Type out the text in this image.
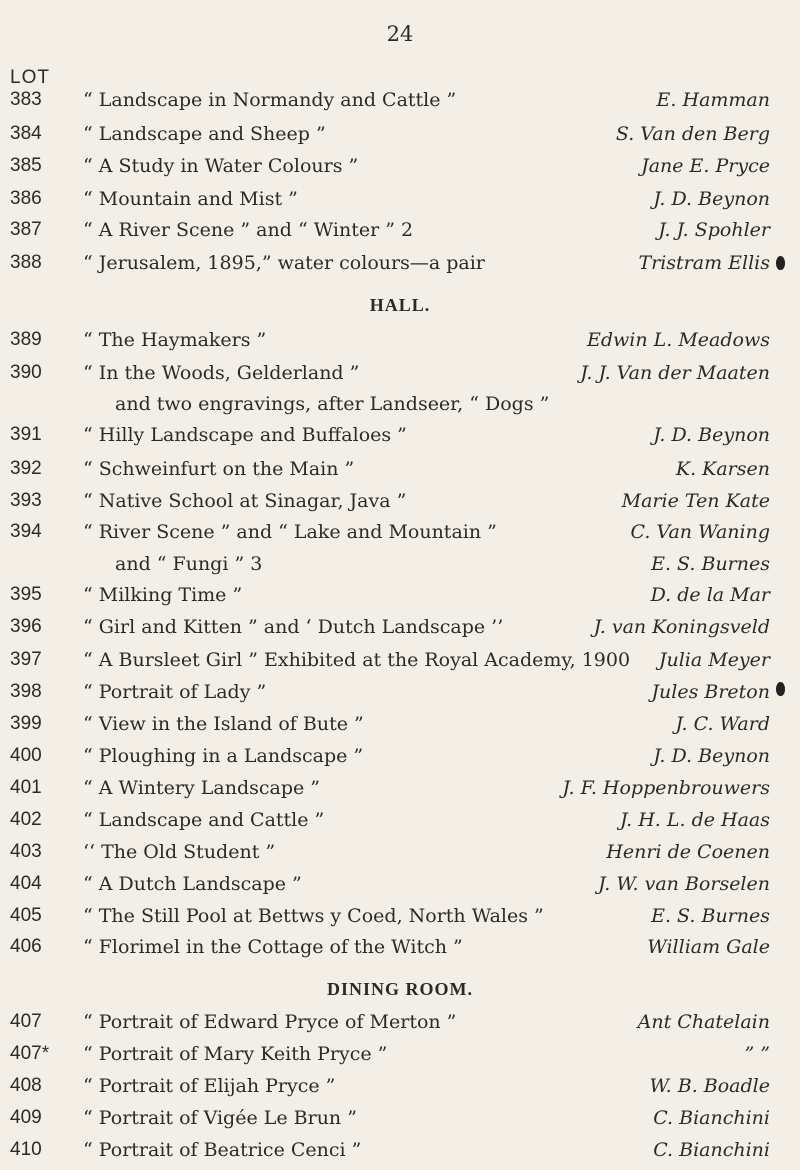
24
LOT
383 “ Landscape in Normandy and Cattle ”	E. Hamman
384 “ Landscape and Sheep ”	S. Van den Berg
385 “ A Study in Water Colours ”	Jane E. Pryce
386 “ Mountain and Mist ”	J. D. Beynon
387 “ A River Scene ” and “ Winter ” 2	J. J. Spohler
388 “ Jerusalem, 1895,” water colours—a pair	Tristram Ellis
HALL.
389 “ The Haymakers ”	Edwin L. Meadows
390 “ In the Woods, Gelderland ”	J. J. Van der Maaten
and two engravings, after Landseer, “ Dogs ”
391 “ Hilly Landscape and Buffaloes ”	J. D. Beynon
392 “ Schweinfurt on the Main ”	K. Karsen
393 “ Native School at Sinagar, Java ”	Marie Ten Kate
394 “ River Scene ” and “ Lake and Mountain ”	C. Van Waning
and “ Fungi ” 3	E. S. Burnes
395 “ Milking Time ”	D. de la Mar
396 “ Girl and Kitten ” and ‘ Dutch Landscape ’’	J. van Koningsveld
397 “ A Bursleet Girl ” Exhibited at the Royal Academy, 1900 Julia Meyer
398 “ Portrait of Lady ”	Jules Breton
399 “ View in the Island of Bute ”	J. C. Ward
400 “ Ploughing in a Landscape ”	J. D. Beynon
401 “ A Wintery Landscape ”	J. F. Hoppenbrouwers
402 “ Landscape and Cattle ”	J. H. L. de Haas
403 ‘‘ The Old Student ”	Henri de Coenen
404 “ A Dutch Landscape ”	J. W. van Borselen
405 “ The Still Pool at Bettws y Coed, North Wales ”	E. S. Burnes
406 “ Florimel in the Cottage of the Witch ”	William Gale
DINING ROOM.
407 “ Portrait of Edward Pryce of Merton ”	Ant Chatelain
407* “ Portrait of Mary Keith Pryce ”	” ”
408 “ Portrait of Elijah Pryce ”	W. B. Boadle
409 “ Portrait of Vigée Le Brun ”	C. Bianchini
410 “ Portrait of Beatrice Cenci ”	C. Bianchini
